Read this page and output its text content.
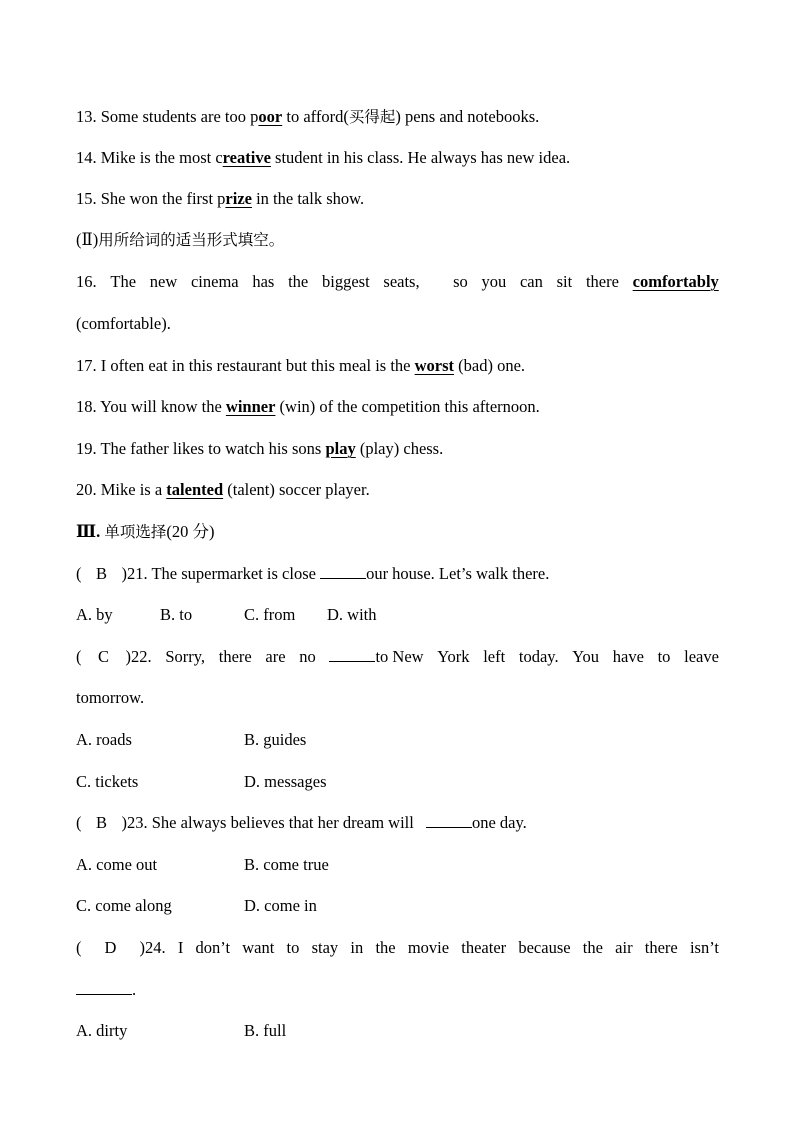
13. Some students are too poor to afford(买得起) pens and notebooks.
14. Mike is the most creative student in his class. He always has new idea.
15. She won the first prize in the talk show.
(Ⅱ)用所给词的适当形式填空。
16. The new cinema has the biggest seats, so you can sit there comfortably
(comfortable).
17. I often eat in this restaurant but this meal is the worst (bad) one.
18. You will know the winner (win) of the competition this afternoon.
19. The father likes to watch his sons play (play) chess.
20. Mike is a talented (talent) soccer player.
Ⅲ. 单项选择(20 分)
( B )21. The supermarket is close	our house. Let’s walk there.
A. by	B. to	C. from D. with
( C )22. Sorry, there are no	to New York left today. You have to leave
tomorrow.
A. roads	B. guides
C. tickets	D. messages
( B )23. She always believes that her dream will	one day.
A. come out	B. come true
C. come along	D. come in
( D )24. I don’t want to stay in the movie theater because the air there isn’t
.
A. dirty	B. full
